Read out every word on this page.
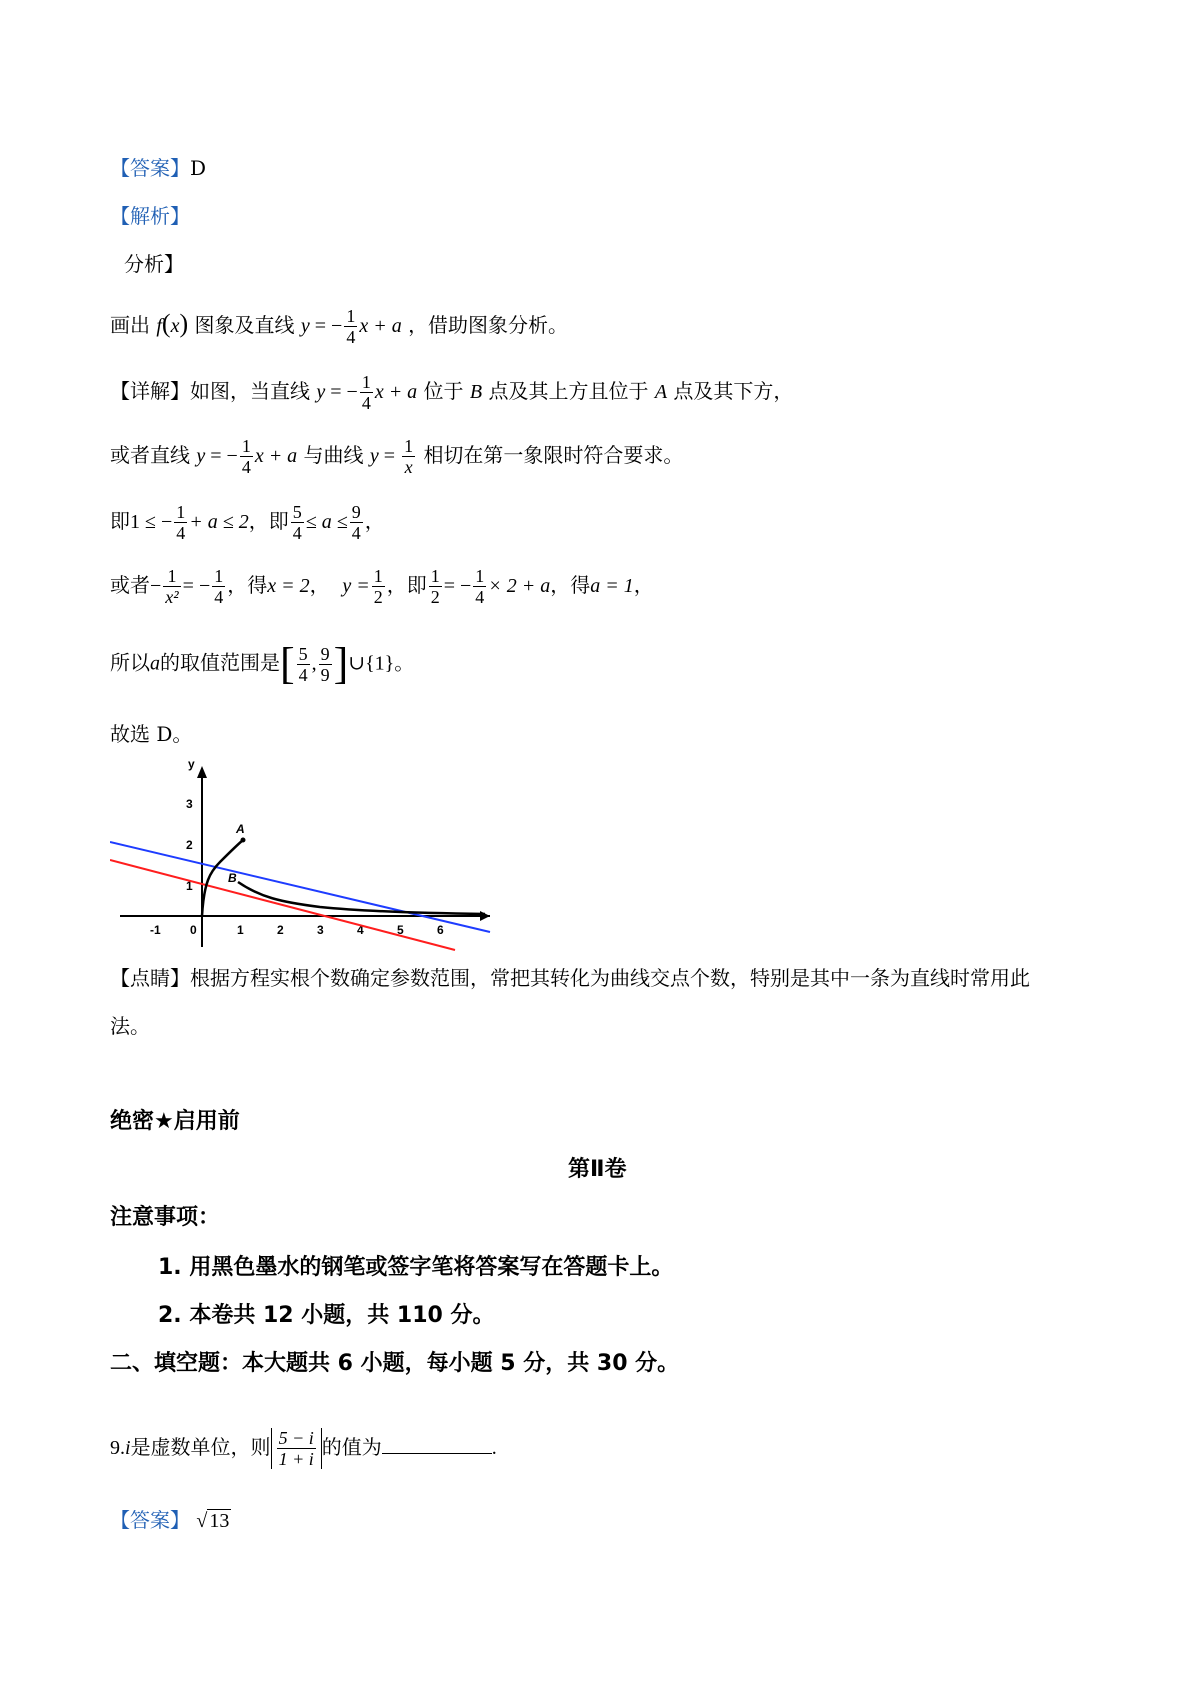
【答案】D
【解析】
分析】
画出 f(x) 图象及直线 y = − $\frac{1}{4}$ x + a ，借助图象分析。
【详解】如图，当直线 y = − $\frac{1}{4}$ x + a 位于 B 点及其上方且位于 A 点及其下方，
或者直线 y = − $\frac{1}{4}$ x + a 与曲线 $y = \frac{1}{x}$ 相切在第一象限时符合要求。
即1 ≤ − $\frac{1}{4} + a \le 2$，即 $\frac{5}{4} \le a \le \frac{9}{4}$ ，
或者− $\frac{1}{\text{x²}}$ = − $\frac{1}{4}$ ，得x = 2， $y = \frac{1}{2}$ ，即 $\frac{1}{2}$ = − $\frac{1}{4} \times 2 + a$，得a = 1，
所以a的取值范围是[ $\frac{5}{4}$ , $\frac{9}{9}$ ]∪{1}。
故选 D。
y
3
2
1
-1 0	1	2	3	4	5	6
A
B
【点睛】根据方程实根个数确定参数范围，常把其转化为曲线交点个数，特别是其中一条为直线时常用此
法。
绝密★启用前
第Ⅱ卷
注意事项：
1. 用黑色墨水的钢笔或签字笔将答案写在答题卡上。
2. 本卷共 12 小题，共 110 分。
二、填空题：本大题共 6 小题，每小题 5 分，共 30 分。
9.i是虚数单位，则 $\frac{5 - i}{1 + i}$ 的值为	.
【答案】 √ 13
